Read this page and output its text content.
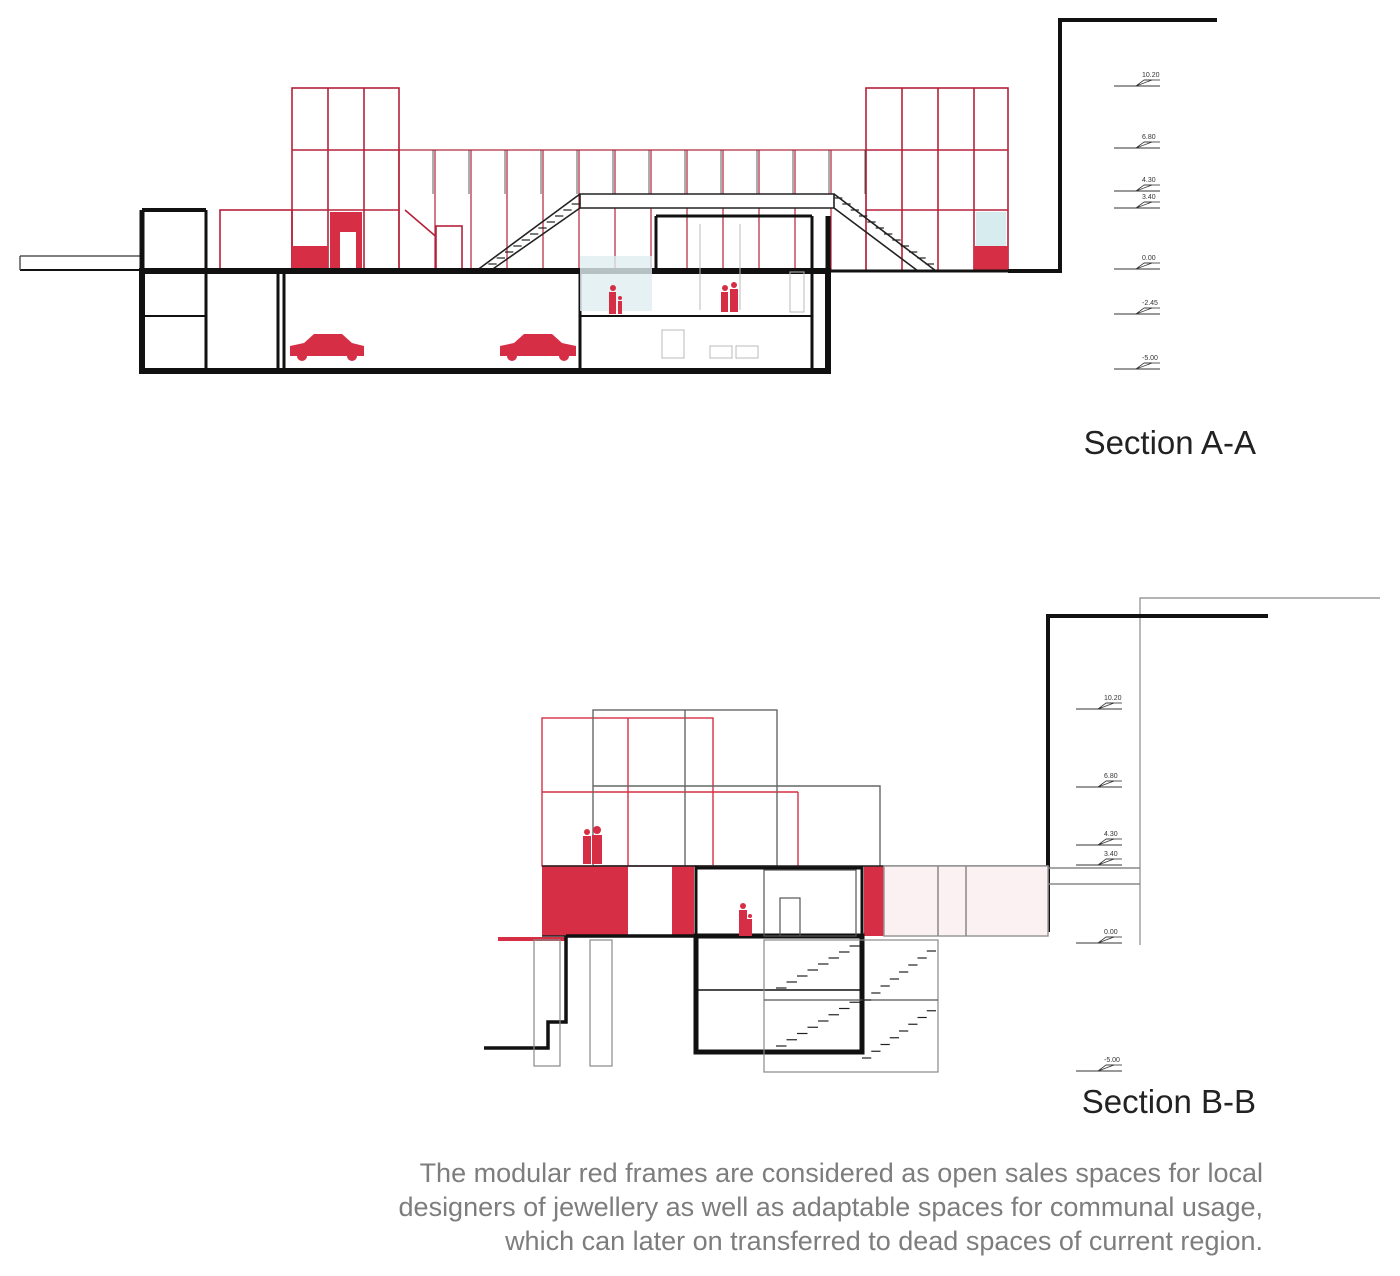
10.20
6.80
4.30
3.40
0.00
-2.45
-5.00
10.20
6.80
4.30
3.40
0.00
-5.00
Section A-A
Section B-B
The modular red frames are considered as open sales spaces for local
designers of jewellery as well as adaptable spaces for communal usage,
which can later on transferred to dead spaces of current region.
